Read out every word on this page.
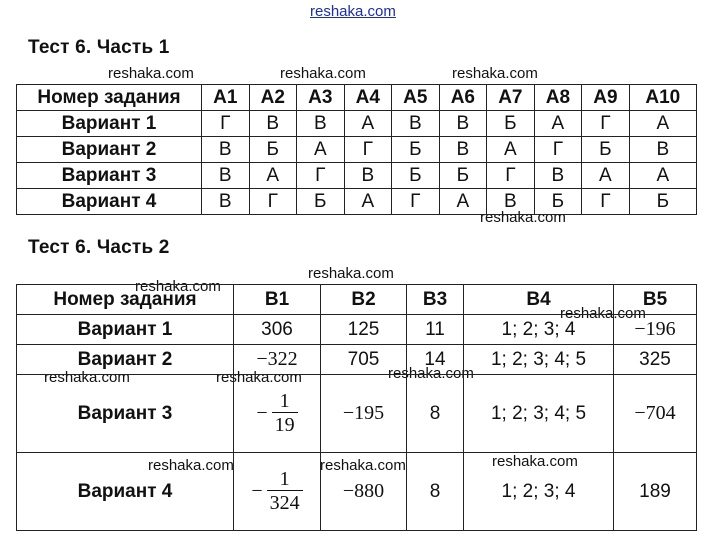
reshaka.com
reshaka.com	reshaka.com	reshaka.com
reshaka.com
reshaka.com
reshaka.com
reshaka.com
reshaka.com	reshaka.com	reshaka.com
reshaka.com	reshaka.com	reshaka.com
Тест 6. Часть 1
Номер задания	A1	A2	A3	A4	A5	A6	A7	A8	A9	A10
Вариант 1	Г	В	В	А	В	В	Б	А	Г	А
Вариант 2	В	Б	А	Г	Б	В	А	Г	Б	В
Вариант 3	В	А	Г	В	Б	Б	Г	В	А	А
Вариант 4	В	Г	Б	А	Г	А	В	Б	Г	Б
Тест 6. Часть 2
Номер задания	B1	B2	B3	B4	B5
Вариант 1	306	125	11	1; 2; 3; 4	−196
Вариант 2	−322	705	14	1; 2; 3; 4; 5	325
Вариант 3	− $\frac{1}{19}$	−195	8	1; 2; 3; 4; 5	−704
Вариант 4	− $\frac{1}{324}$	−880	8	1; 2; 3; 4	189
